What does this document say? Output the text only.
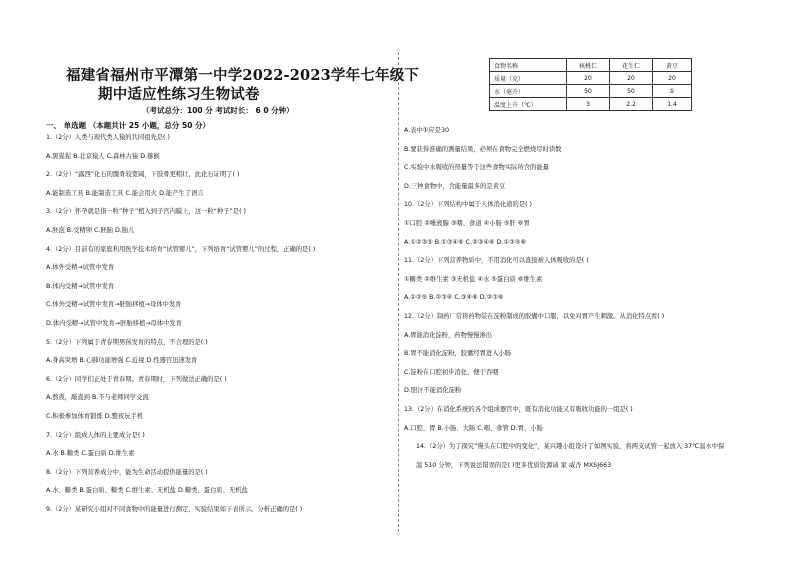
福建省福州市平潭第一中学2022-2023学年七年级下
期中适应性练习生物试卷
（考试总分：100 分 考试时长： 6 0 分钟）
一、 单选题 （本题共计 25 小题，总分 50 分）
1.（2分）人类与现代类人猿的共同祖先是( )
A.黑猩猩 B.北京猿人 C.森林古猿 D.猕猴
2.（2分）“露西”化石的髋骨较宽阔，下肢骨更粗壮，此化石证明了( )
A.能制造工具 B.能制造工具 C.能会用火 D.能产生了语言
3.（2分）怀孕就是指一粒“种子”植入到子宫内膜上，这一粒“种子”是( )
A.胚泡 B.受精卵 C.胚胎 D.胎儿
4.（2分）目前有的家庭利用医学技术培育“试管婴儿”，下列培育“试管婴儿”的过程，正确的是( )
A.体外受精→试管中发育
B.体内受精→试管中发育
C.体外受精→试管中发育→胚胎移植→母体中发育
D.体内受精→试管中发育→胚胎移植→母体中发育
5.（2分）下列属于青春期男孩发育的特点，不合理的是( )
A.身高突增 B.心肺功能增强 C.近视 D.性器官迅速发育
6.（2分）同学们正处于青春期。青春期时，下列做法正确的是( )
A.熬夜，敲直到 B.不与老师同学交流
C.积极参加体育锻炼 D.整夜玩手机
7.（2分）组成人体的主要成分是( )
A.水 B.糖类 C.蛋白质 D.维生素
8.（2分）下列营养成分中，能为生命活动提供能量的是( )
A.水、糖类 B.蛋白质、糖类 C.维生素、无机盐 D.糖类、蛋白质、无机盐
9.（2分）某研究小组对不同食物中的能量进行测定，实验结果如下表所示。分析正确的是( )
A.表中①应是30
B.要获得准确的测量结果，必须在食物完全燃烧尽时读数
C.实验中水吸收的热量等于这些食物实际所含的能量
D.三种食物中，含能量最多的是黄豆
10.（2分）下列结构中属于人体消化道的是( )
①口腔 ②唾液腺 ③咽、食道 ④小肠 ⑤肝 ⑥胃
A.①②③⑤ B.①③④⑥ C.②③④⑥ D.①③⑤⑥
11.（2分）下列营养物质中，不用消化可以直接被人体吸收的是( )
①糖类 ②维生素 ③无机盐 ④水 ⑤蛋白质 ⑥维生素
A.①②⑤ B.②③④ C.③④⑥ D.②③⑥
12.（2分）制药厂常将药物装在淀粉制成的胶囊中口服，以免对胃产生刺激。从消化特点看( )
A.胃能消化淀粉，药物慢慢渗出
B.胃不能消化淀粉，胶囊经胃进入小肠
C.淀粉在口腔初步消化，便于吞咽
D.胆汁不能消化淀粉
13.（2分）在消化系统的各个组成器官中，既有消化功能又有吸收功能的一组是( )
A.口腔、胃 B.小肠、大肠 C.咽、食管 D.胃、小肠
14.（2分）为了探究“馒头在口腔中的变化”，某兴趣小组设计了如图实验，将两支试管一起放入 37℃温水中保
温 510 分钟，下列说法错误的是( )更多优质资源请 家 威杏 MXSJ663
食物名称	核桃仁	花生仁	黄豆
质量（克）	20	20	20
水（毫升）	50	50	①
温度上升（℃）	3	2.2	1.4
